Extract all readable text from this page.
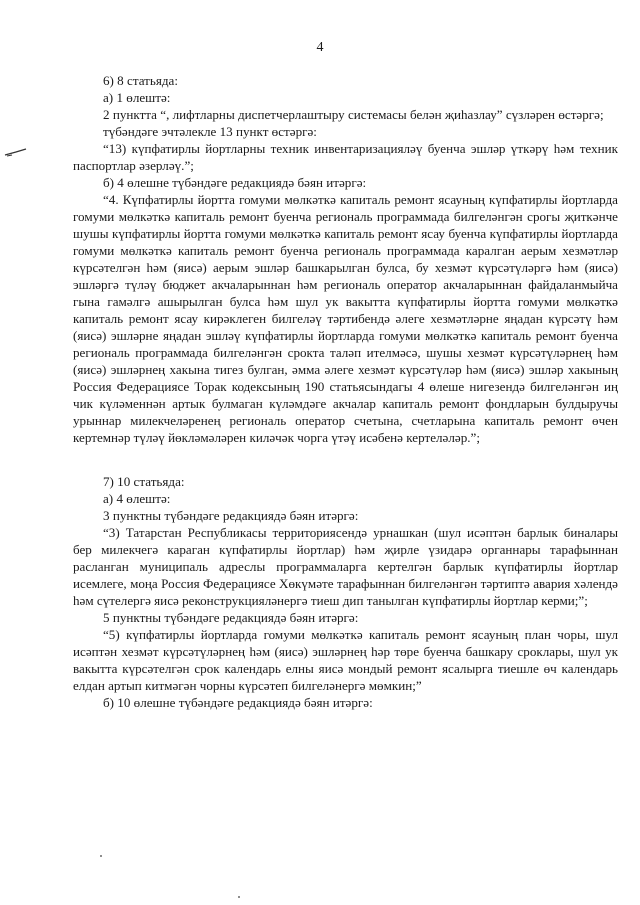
4

6) 8 статьяда:

а) 1 өлештә:

2 пунктта “, лифтларны диспетчерлаштыру системасы белән җиһазлау” сүзләрен өстәргә;

түбәндәге эчтәлекле 13 пункт өстәргә:

“13) күпфатирлы йортларны техник инвентаризацияләү буенча эшләр үткәрү һәм техник паспортлар әзерләү.”;

б) 4 өлешне түбәндәге редакциядә бәян итәргә:

“4. Күпфатирлы йортта гомуми мөлкәткә капиталь ремонт ясауның күпфатирлы йортларда гомуми мөлкәткә капиталь ремонт буенча региональ программада билгеләнгән срогы җиткәнче шушы күпфатирлы йортта гомуми мөлкәткә капиталь ремонт ясау буенча күпфатирлы йортларда гомуми мөлкәткә капиталь ремонт буенча региональ программада каралган аерым хезмәтләр күрсәтелгән һәм (яисә) аерым эшләр башкарылган булса, бу хезмәт күрсәтүләргә һәм (яисә) эшләргә түләү бюджет акчаларыннан һәм региональ оператор акчаларыннан файдаланмыйча гына гамәлгә ашырылган булса һәм шул ук вакытта күпфатирлы йортта гомуми мөлкәткә капиталь ремонт ясау кирәклеген билгеләү тәртибендә әлеге хезмәтләрне яңадан күрсәтү һәм (яисә) эшләрне яңадан эшләү күпфатирлы йортларда гомуми мөлкәткә капиталь ремонт буенча региональ программада билгеләнгән срокта таләп ителмәсә, шушы хезмәт күрсәтүләрнең һәм (яисә) эшләрнең хакына тигез булган, әмма әлеге хезмәт күрсәтүләр һәм (яисә) эшләр хакының Россия Федерациясе Торак кодексының 190 статьясындагы 4 өлеше нигезендә билгеләнгән иң чик күләменнән артык булмаган күләмдәге акчалар капиталь ремонт фондларын булдыручы урыннар милекчеләренең региональ оператор счетына, счетларына капиталь ремонт өчен кертемнәр түләү йөкләмәләрен киләчәк чорга үтәү исәбенә кертеләләр.”;

7) 10 статьяда:

а) 4 өлештә:

3 пунктны түбәндәге редакциядә бәян итәргә:

“3) Татарстан Республикасы территориясендә урнашкан (шул исәптән барлык биналары бер милекчегә караган күпфатирлы йортлар) һәм җирле үзидарә органнары тарафыннан расланган муниципаль адреслы программаларга кертелгән барлык күпфатирлы йортлар исемлеге, моңа Россия Федерациясе Хөкүмәте тарафыннан билгеләнгән тәртиптә авария хәлендә һәм сүтелергә яисә реконструкцияләнергә тиеш дип танылган күпфатирлы йортлар керми;”;

5 пунктны түбәндәге редакциядә бәян итәргә:

“5) күпфатирлы йортларда гомуми мөлкәткә капиталь ремонт ясауның план чоры, шул исәптән хезмәт күрсәтүләрнең һәм (яисә) эшләрнең һәр төре буенча башкару сроклары, шул ук вакытта күрсәтелгән срок календарь елны яисә мондый ремонт ясалырга тиешле өч календарь елдан артып китмәгән чорны күрсәтеп билгеләнергә мөмкин;”

б) 10 өлешне түбәндәге редакциядә бәян итәргә:
